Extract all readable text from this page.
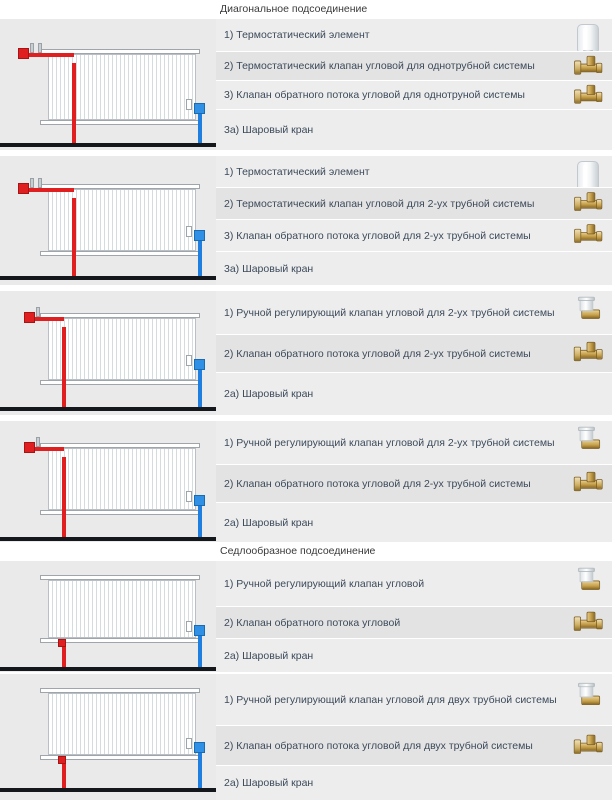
Диагональное подсоединение
1) Термостатический элемент
2) Термостатический клапан угловой для однотрубной системы
3) Клапан обратного потока угловой для однотруной системы
3а) Шаровый кран
1) Термостатический элемент
2) Термостатический клапан угловой для 2-ух трубной системы
3) Клапан обратного потока угловой для 2-ух трубной системы
3а) Шаровый кран
1) Ручной регулирующий клапан угловой для 2-ух трубной системы
2) Клапан обратного потока угловой для 2-ух трубной системы
2а) Шаровый кран
1) Ручной регулирующий клапан угловой для 2-ух трубной системы
2) Клапан обратного потока угловой для 2-ух трубной системы
2а) Шаровый кран
Седлообразное подсоединение
1) Ручной регулирующий клапан угловой
2) Клапан обратного потока угловой
2а) Шаровый кран
1) Ручной регулирующий клапан угловой для двух трубной системы
2) Клапан обратного потока угловой для двух трубной системы
2а) Шаровый кран
